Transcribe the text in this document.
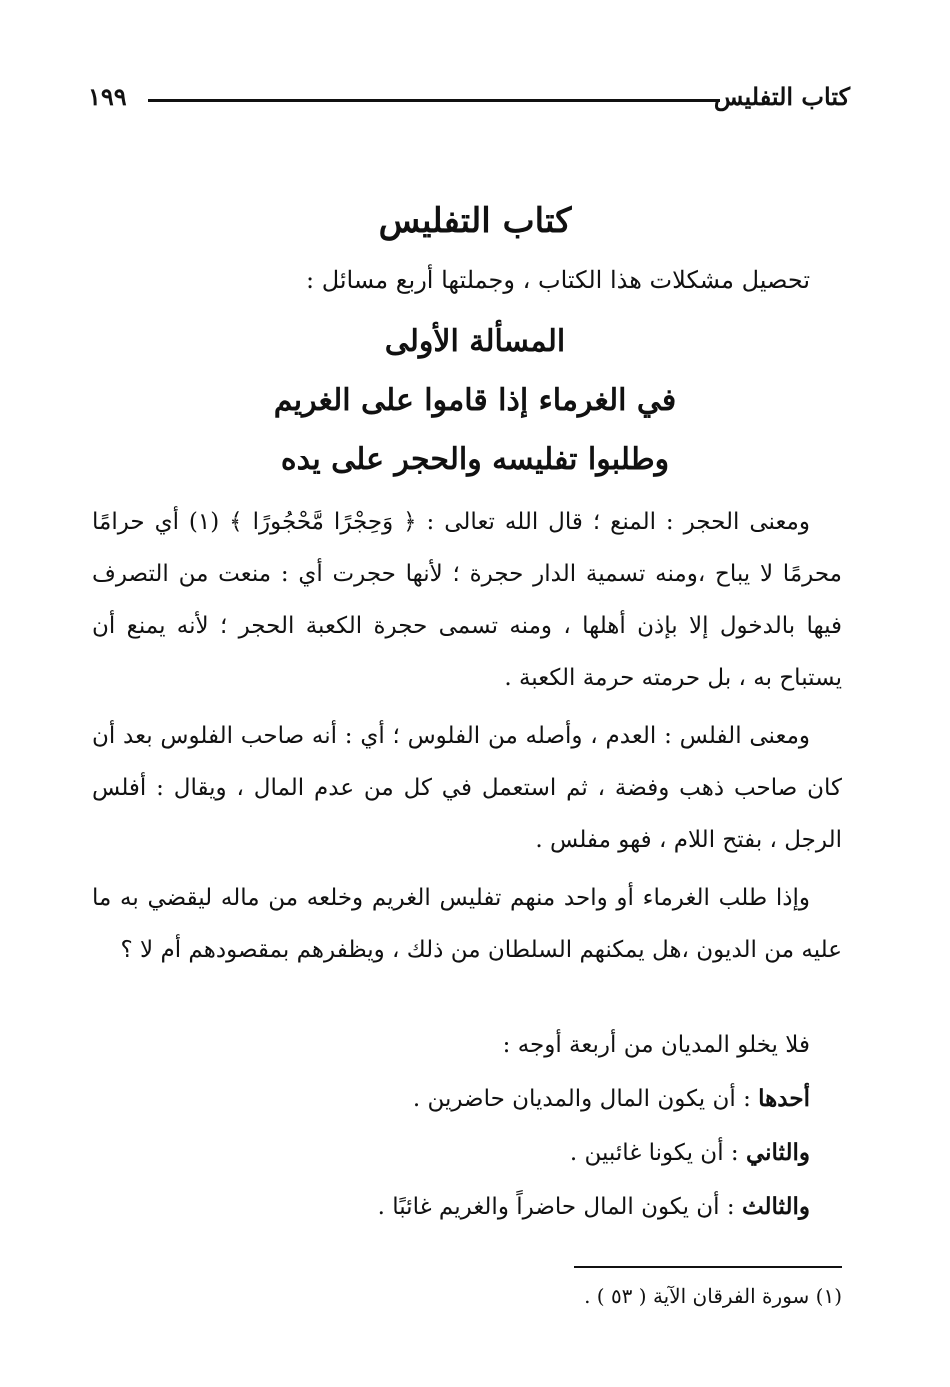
كتاب التفليس
١٩٩
كتاب التفليس
تحصيل مشكلات هذا الكتاب ، وجملتها أربع مسائل :
المسألة الأولى
في الغرماء إذا قاموا على الغريم
وطلبوا تفليسه والحجر على يده

ومعنى الحجر : المنع ؛ قال الله تعالى : ﴿ وَحِجْرًا مَّحْجُورًا ﴾ (١) أي حرامًا محرمًا لا يباح ،ومنه تسمية الدار حجرة ؛ لأنها حجرت أي : منعت من التصرف فيها بالدخول إلا بإذن أهلها ، ومنه تسمى حجرة الكعبة الحجر ؛ لأنه يمنع أن يستباح به ، بل حرمته حرمة الكعبة .

ومعنى الفلس : العدم ، وأصله من الفلوس ؛ أي : أنه صاحب الفلوس بعد أن كان صاحب ذهب وفضة ، ثم استعمل في كل من عدم المال ، ويقال : أفلس الرجل ، بفتح اللام ، فهو مفلس .

وإذا طلب الغرماء أو واحد منهم تفليس الغريم وخلعه من ماله ليقضي به ما عليه من الديون ،هل يمكنهم السلطان من ذلك ، ويظفرهم بمقصودهم أم لا ؟

فلا يخلو المديان من أربعة أوجه :

أحدها : أن يكون المال والمديان حاضرين .

والثاني : أن يكونا غائبين .

والثالث : أن يكون المال حاضراً والغريم غائبًا .

(١) سورة الفرقان الآية ( ٥٣ ) .
